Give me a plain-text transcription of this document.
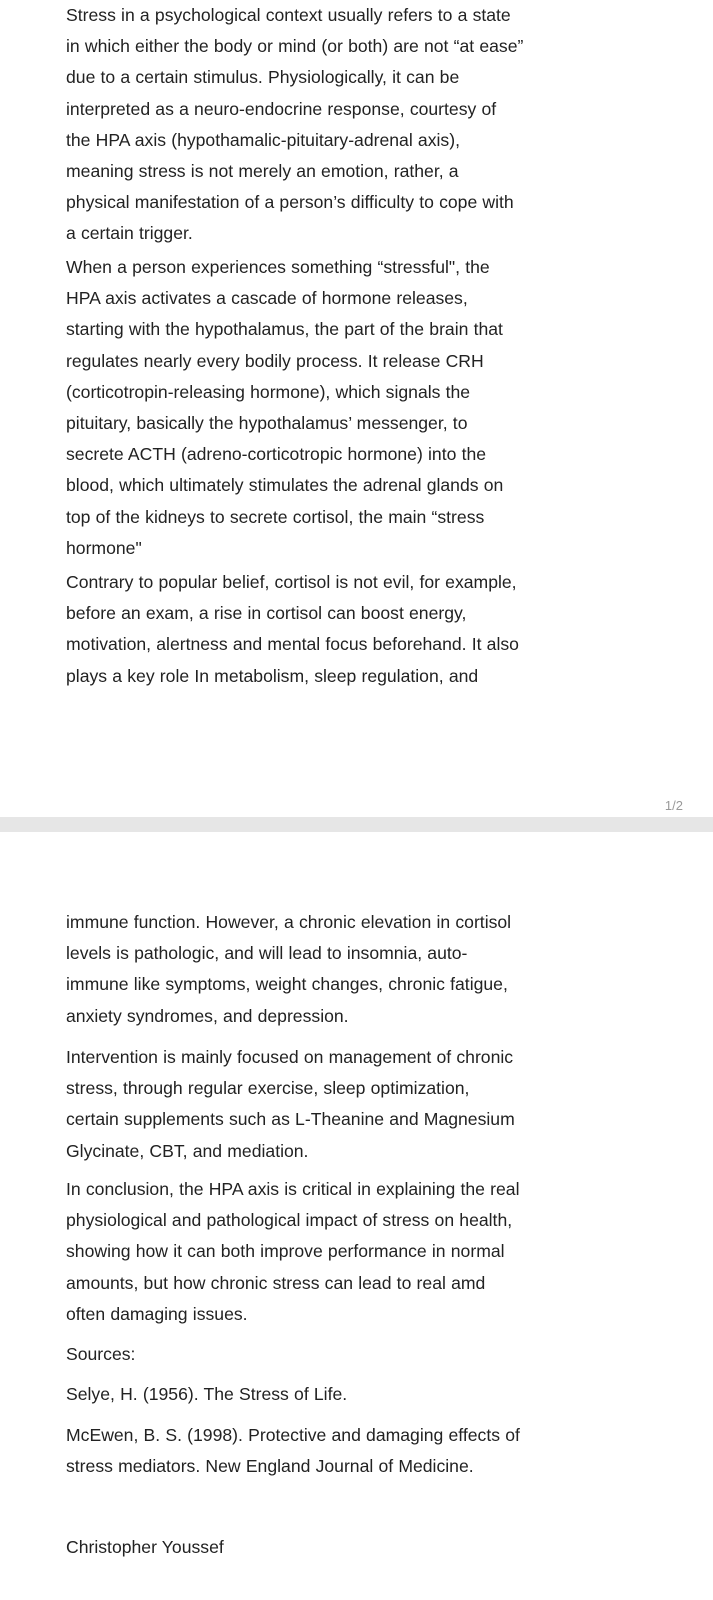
Stress in a psychological context usually refers to a state
in which either the body or mind (or both) are not “at ease”
due to a certain stimulus. Physiologically, it can be
interpreted as a neuro-endocrine response, courtesy of
the HPA axis (hypothamalic-pituitary-adrenal axis),
meaning stress is not merely an emotion, rather, a
physical manifestation of a person’s difficulty to cope with
a certain trigger.

When a person experiences something “stressful", the
HPA axis activates a cascade of hormone releases,
starting with the hypothalamus, the part of the brain that
regulates nearly every bodily process. It release CRH
(corticotropin-releasing hormone), which signals the
pituitary, basically the hypothalamus’ messenger, to
secrete ACTH (adreno-corticotropic hormone) into the
blood, which ultimately stimulates the adrenal glands on
top of the kidneys to secrete cortisol, the main “stress
hormone"

Contrary to popular belief, cortisol is not evil, for example,
before an exam, a rise in cortisol can boost energy,
motivation, alertness and mental focus beforehand. It also
plays a key role In metabolism, sleep regulation, and

1/2

immune function. However, a chronic elevation in cortisol
levels is pathologic, and will lead to insomnia, auto-
immune like symptoms, weight changes, chronic fatigue,
anxiety syndromes, and depression.

Intervention is mainly focused on management of chronic
stress, through regular exercise, sleep optimization,
certain supplements such as L-Theanine and Magnesium
Glycinate, CBT, and mediation.

In conclusion, the HPA axis is critical in explaining the real
physiological and pathological impact of stress on health,
showing how it can both improve performance in normal
amounts, but how chronic stress can lead to real amd
often damaging issues.

Sources:

Selye, H. (1956). The Stress of Life.

McEwen, B. S. (1998). Protective and damaging effects of
stress mediators. New England Journal of Medicine.

Christopher Youssef
